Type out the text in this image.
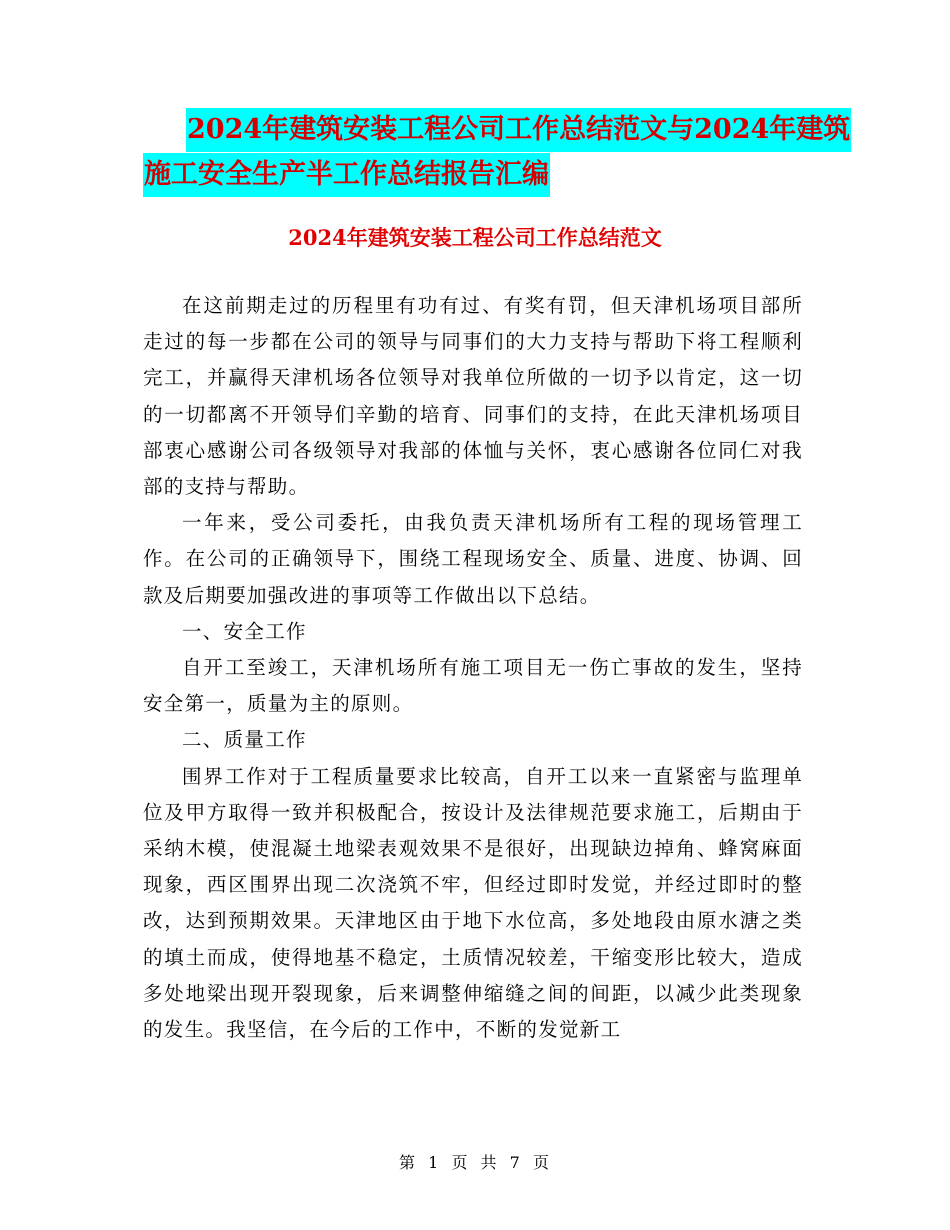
2024年建筑安装工程公司工作总结范文与2024年建筑
施工安全生产半工作总结报告汇编
2024年建筑安装工程公司工作总结范文

在这前期走过的历程里有功有过、有奖有罚，但天津机场项目部所走过的每一步都在公司的领导与同事们的大力支持与帮助下将工程顺利完工，并赢得天津机场各位领导对我单位所做的一切予以肯定，这一切的一切都离不开领导们辛勤的培育、同事们的支持，在此天津机场项目部衷心感谢公司各级领导对我部的体恤与关怀，衷心感谢各位同仁对我部的支持与帮助。

一年来，受公司委托，由我负责天津机场所有工程的现场管理工作。在公司的正确领导下，围绕工程现场安全、质量、进度、协调、回款及后期要加强改进的事项等工作做出以下总结。

一、安全工作

自开工至竣工，天津机场所有施工项目无一伤亡事故的发生，坚持安全第一，质量为主的原则。

二、质量工作

围界工作对于工程质量要求比较高，自开工以来一直紧密与监理单位及甲方取得一致并积极配合，按设计及法律规范要求施工，后期由于采纳木模，使混凝土地梁表观效果不是很好，出现缺边掉角、蜂窝麻面现象，西区围界出现二次浇筑不牢，但经过即时发觉，并经过即时的整改，达到预期效果。天津地区由于地下水位高，多处地段由原水溏之类的填土而成，使得地基不稳定，土质情况较差，干缩变形比较大，造成多处地梁出现开裂现象，后来调整伸缩缝之间的间距，以减少此类现象的发生。我坚信，在今后的工作中，不断的发觉新工

第 1 页 共 7 页
